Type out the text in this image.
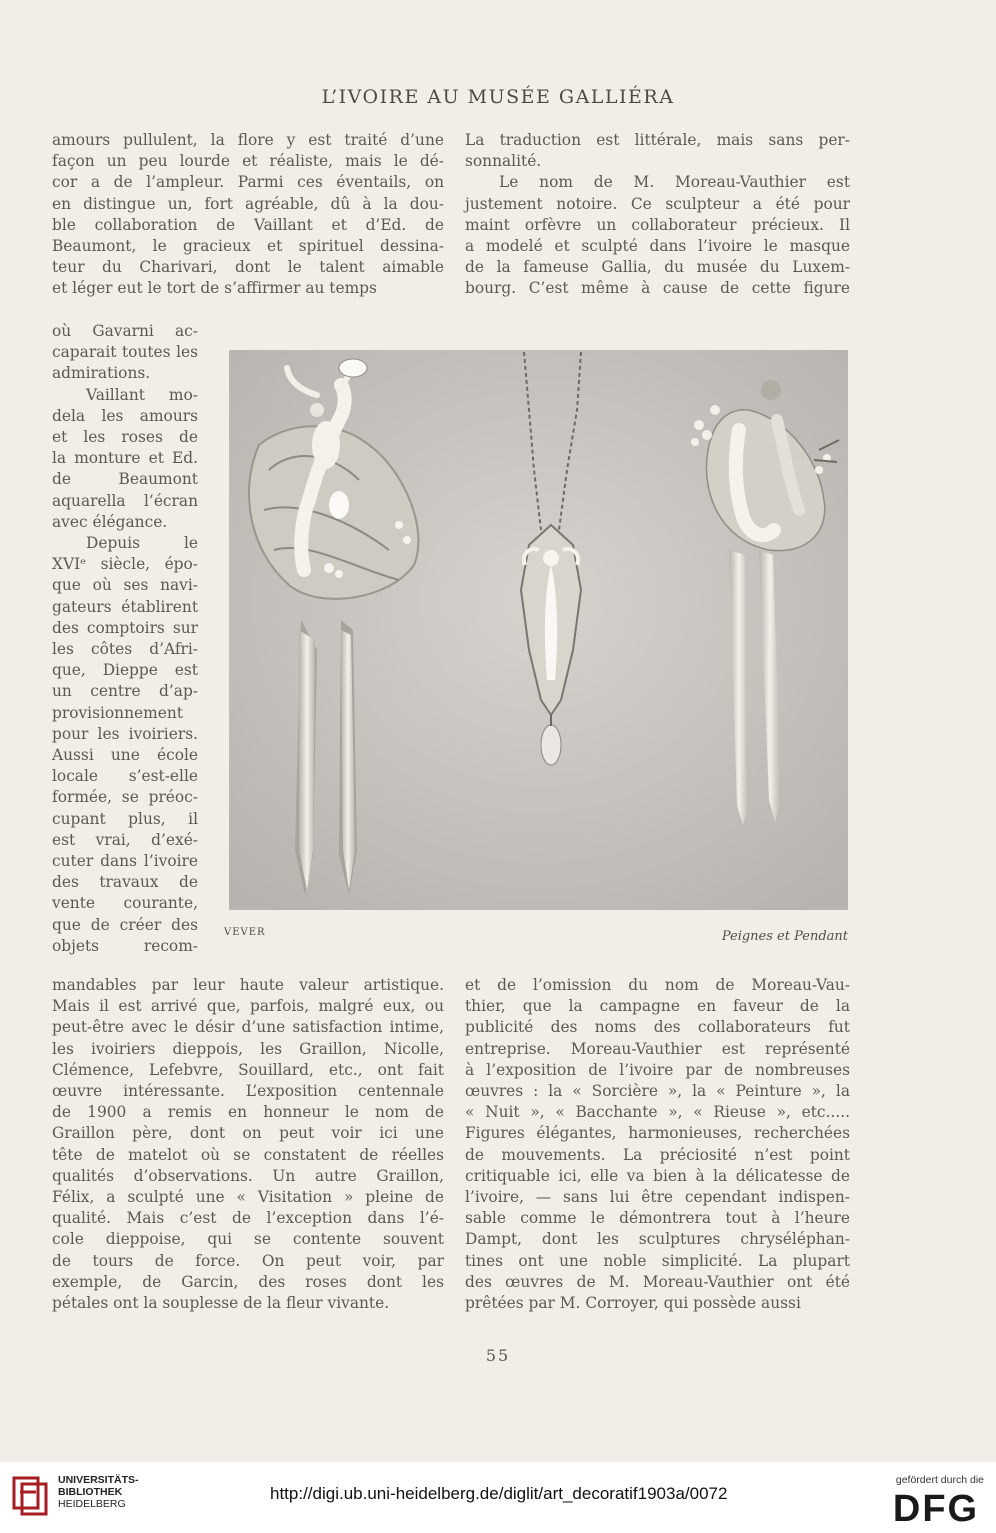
L’IVOIRE AU MUSÉE GALLIÉRA
amours pullulent, la flore y est traité d’une
façon un peu lourde et réaliste, mais le dé-
cor a de l’ampleur. Parmi ces éventails, on
en distingue un, fort agréable, dû à la dou-
ble collaboration de Vaillant et d’Ed. de
Beaumont, le gracieux et spirituel dessina-
teur du Charivari, dont le talent aimable
et léger eut le tort de s’affirmer au temps
où Gavarni ac-
caparait toutes les
admirations.
Vaillant mo-
dela les amours
et les roses de
la monture et Ed.
de Beaumont
aquarella l’écran
avec élégance.
Depuis le
XVIᵉ siècle, épo-
que où ses navi-
gateurs établirent
des comptoirs sur
les côtes d’Afri-
que, Dieppe est
un centre d’ap-
provisionnement
pour les ivoiriers.
Aussi une école
locale s’est-elle
formée, se préoc-
cupant plus, il
est vrai, d’exé-
cuter dans l’ivoire
des travaux de
vente courante,
que de créer des
objets recom-
mandables par leur haute valeur artistique.
Mais il est arrivé que, parfois, malgré eux, ou
peut-être avec le désir d’une satisfaction intime,
les ivoiriers dieppois, les Graillon, Nicolle,
Clémence, Lefebvre, Souillard, etc., ont fait
œuvre intéressante. L’exposition centennale
de 1900 a remis en honneur le nom de
Graillon père, dont on peut voir ici une
tête de matelot où se constatent de réelles
qualités d’observations. Un autre Graillon,
Félix, a sculpté une « Visitation » pleine de
qualité. Mais c’est de l’exception dans l’é-
cole dieppoise, qui se contente souvent
de tours de force. On peut voir, par
exemple, de Garcin, des roses dont les
pétales ont la souplesse de la fleur vivante.
La traduction est littérale, mais sans per-
sonnalité.
Le nom de M. Moreau-Vauthier est
justement notoire. Ce sculpteur a été pour
maint orfèvre un collaborateur précieux. Il
a modelé et sculpté dans l’ivoire le masque
de la fameuse Gallia, du musée du Luxem-
bourg. C’est même à cause de cette figure
et de l’omission du nom de Moreau-Vau-
thier, que la campagne en faveur de la
publicité des noms des collaborateurs fut
entreprise. Moreau-Vauthier est représenté
à l’exposition de l’ivoire par de nombreuses
œuvres : la « Sorcière », la « Peinture », la
« Nuit », « Bacchante », « Rieuse », etc.....
Figures élégantes, harmonieuses, recherchées
de mouvements. La préciosité n’est point
critiquable ici, elle va bien à la délicatesse de
l’ivoire, — sans lui être cependant indispen-
sable comme le démontrera tout à l’heure
Dampt, dont les sculptures chryséléphan-
tines ont une noble simplicité. La plupart
des œuvres de M. Moreau-Vauthier ont été
prêtées par M. Corroyer, qui possède aussi
VEVER	Peignes et Pendant
55
UNIVERSITÄTS-
BIBLIOTHEK
HEIDELBERG
http://digi.ub.uni-heidelberg.de/diglit/art_decoratif1903a/0072
gefördert durch die
DFG
